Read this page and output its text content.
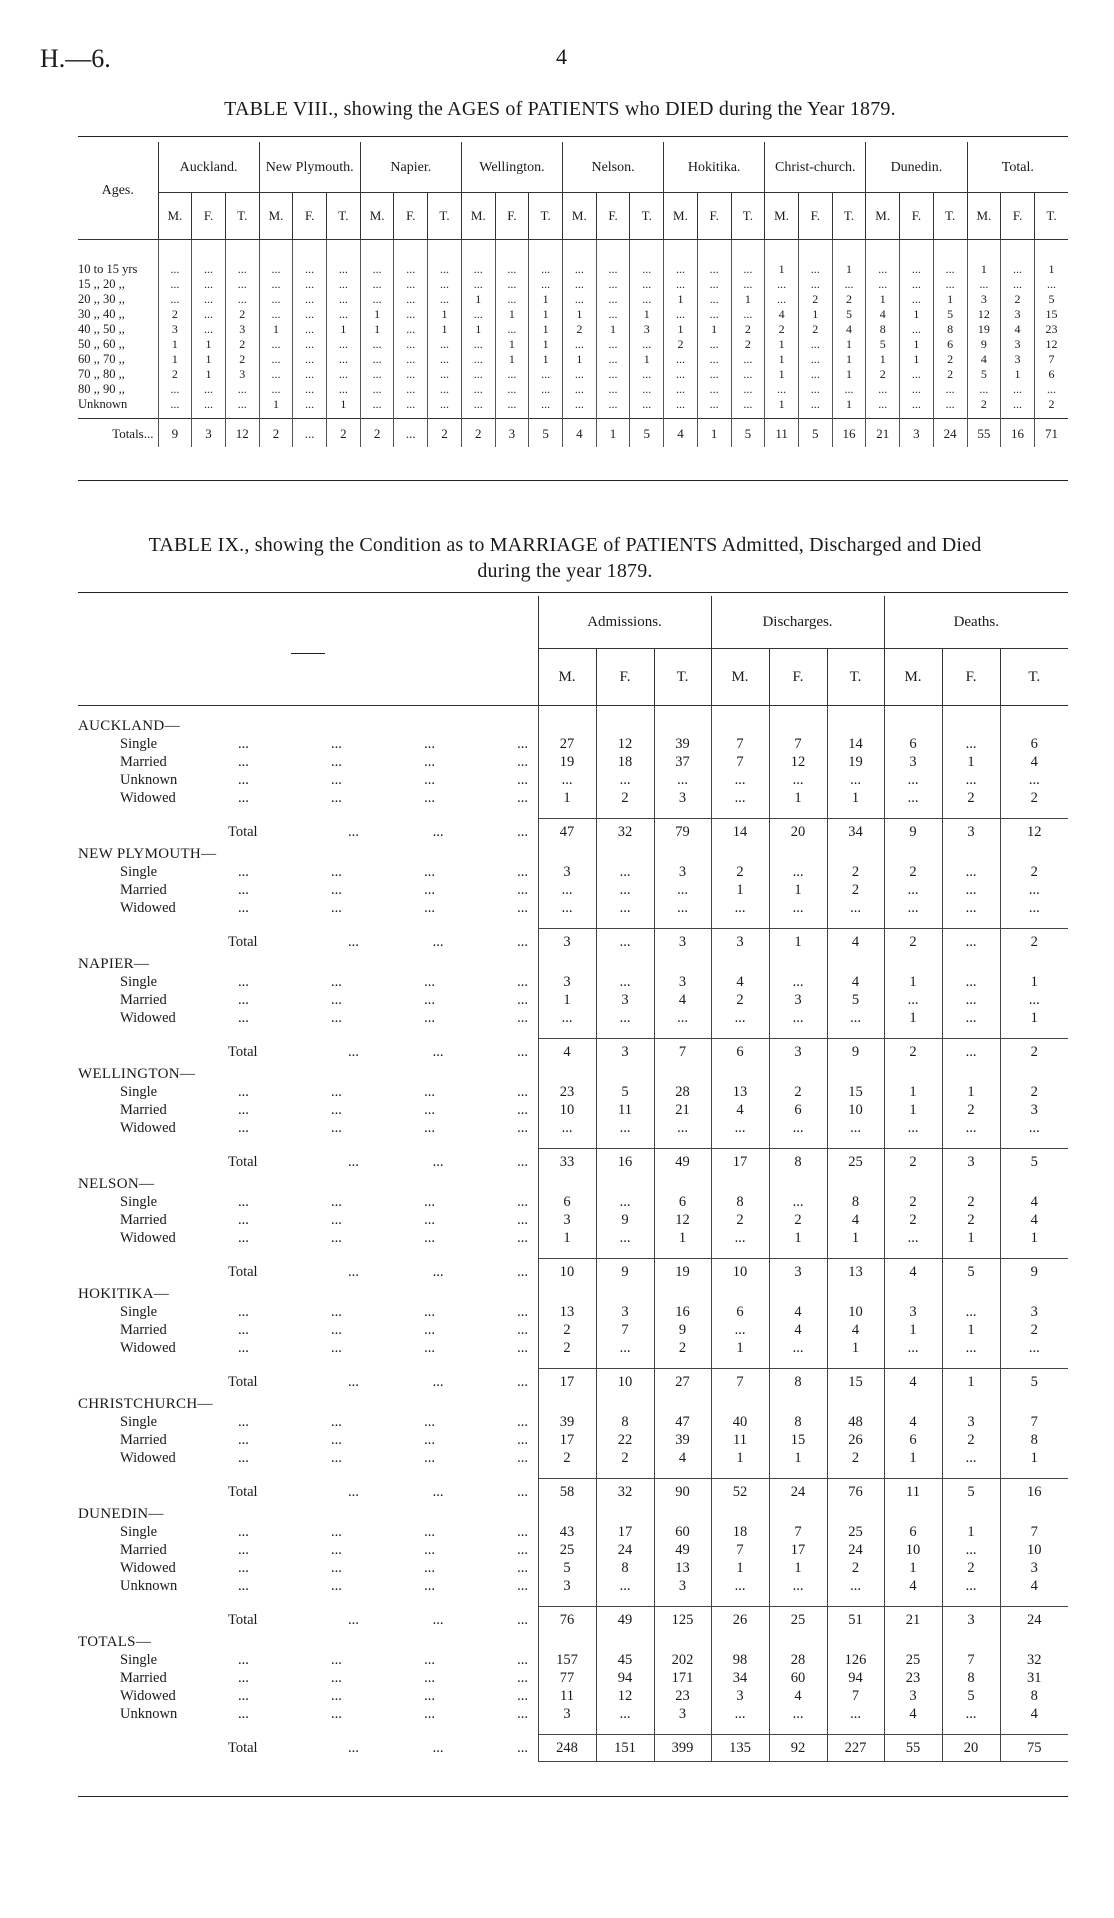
H.—6.	4
TABLE VIII., showing the AGES of PATIENTS who DIED during the Year 1879.
Ages.	Auckland.			New Plymouth.			Napier.			Wellington.			Nelson.			Hokitika.			Christ-church.			Dunedin.			Total.		
	M.	F.	T.	M.	F.	T.	M.	F.	T.	M.	F.	T.	M.	F.	T.	M.	F.	T.	M.	F.	T.	M.	F.	T.	M.	F.	T.

10 to 15 yrs	...	...	...	...	...	...	...	...	...	...	...	...	...	...	...	...	...	...	1	...	1	...	...	...	1	...	1
15 ,, 20 ,,	...	...	...	...	...	...	...	...	...	...	...	...	...	...	...	...	...	...	...	...	...	...	...	...	...	...	...
20 ,, 30 ,,	...	...	...	...	...	...	...	...	...	1	...	1	...	...	...	1	...	1	...	2	2	1	...	1	3	2	5
30 ,, 40 ,,	2	...	2	...	...	...	1	...	1	...	1	1	1	...	1	...	...	...	4	1	5	4	1	5	12	3	15
40 ,, 50 ,,	3	...	3	1	...	1	1	...	1	1	...	1	2	1	3	1	1	2	2	2	4	8	...	8	19	4	23
50 ,, 60 ,,	1	1	2	...	...	...	...	...	...	...	1	1	...	...	...	2	...	2	1	...	1	5	1	6	9	3	12
60 ,, 70 ,,	1	1	2	...	...	...	...	...	...	...	1	1	1	...	1	...	...	...	1	...	1	1	1	2	4	3	7
70 ,, 80 ,,	2	1	3	...	...	...	...	...	...	...	...	...	...	...	...	...	...	...	1	...	1	2	...	2	5	1	6
80 ,, 90 ,,	...	...	...	...	...	...	...	...	...	...	...	...	...	...	...	...	...	...	...	...	...	...	...	...	...	...	...
Unknown	...	...	...	1	...	1	...	...	...	...	...	...	...	...	...	...	...	...	1	...	1	...	...	...	2	...	2
Totals...	9	3	12	2	...	2	2	...	2	2	3	5	4	1	5	4	1	5	11	5	16	21	3	24	55	16	71
TABLE IX., showing the Condition as to MARRIAGE of PATIENTS Admitted, Discharged and Died
during the year 1879.
	Admissions.			Discharges.			Deaths.		
	M.	F.	T.	M.	F.	T.	M.	F.	T.

AUCKLAND—									
Single ... ... ... ...	27	12	39	7	7	14	6	...	6
Married ... ... ... ...	19	18	37	7	12	19	3	1	4
Unknown ... ... ... ...	...	...	...	...	...	...	...	...	...
Widowed ... ... ... ...	1	2	3	...	1	1	...	2	2

Total ... ... ...	47	32	79	14	20	34	9	3	12
NEW PLYMOUTH—									
Single ... ... ... ...	3	...	3	2	...	2	2	...	2
Married ... ... ... ...	...	...	...	1	1	2	...	...	...
Widowed ... ... ... ...	...	...	...	...	...	...	...	...	...

Total ... ... ...	3	...	3	3	1	4	2	...	2
NAPIER—									
Single ... ... ... ...	3	...	3	4	...	4	1	...	1
Married ... ... ... ...	1	3	4	2	3	5	...	...	...
Widowed ... ... ... ...	...	...	...	...	...	...	1	...	1

Total ... ... ...	4	3	7	6	3	9	2	...	2
WELLINGTON—									
Single ... ... ... ...	23	5	28	13	2	15	1	1	2
Married ... ... ... ...	10	11	21	4	6	10	1	2	3
Widowed ... ... ... ...	...	...	...	...	...	...	...	...	...

Total ... ... ...	33	16	49	17	8	25	2	3	5
NELSON—									
Single ... ... ... ...	6	...	6	8	...	8	2	2	4
Married ... ... ... ...	3	9	12	2	2	4	2	2	4
Widowed ... ... ... ...	1	...	1	...	1	1	...	1	1

Total ... ... ...	10	9	19	10	3	13	4	5	9
HOKITIKA—									
Single ... ... ... ...	13	3	16	6	4	10	3	...	3
Married ... ... ... ...	2	7	9	...	4	4	1	1	2
Widowed ... ... ... ...	2	...	2	1	...	1	...	...	...

Total ... ... ...	17	10	27	7	8	15	4	1	5
CHRISTCHURCH—									
Single ... ... ... ...	39	8	47	40	8	48	4	3	7
Married ... ... ... ...	17	22	39	11	15	26	6	2	8
Widowed ... ... ... ...	2	2	4	1	1	2	1	...	1

Total ... ... ...	58	32	90	52	24	76	11	5	16
DUNEDIN—									
Single ... ... ... ...	43	17	60	18	7	25	6	1	7
Married ... ... ... ...	25	24	49	7	17	24	10	...	10
Widowed ... ... ... ...	5	8	13	1	1	2	1	2	3
Unknown ... ... ... ...	3	...	3	...	...	...	4	...	4

Total ... ... ...	76	49	125	26	25	51	21	3	24
TOTALS—									
Single ... ... ... ...	157	45	202	98	28	126	25	7	32
Married ... ... ... ...	77	94	171	34	60	94	23	8	31
Widowed ... ... ... ...	11	12	23	3	4	7	3	5	8
Unknown ... ... ... ...	3	...	3	...	...	...	4	...	4

Total ... ... ...	248	151	399	135	92	227	55	20	75
